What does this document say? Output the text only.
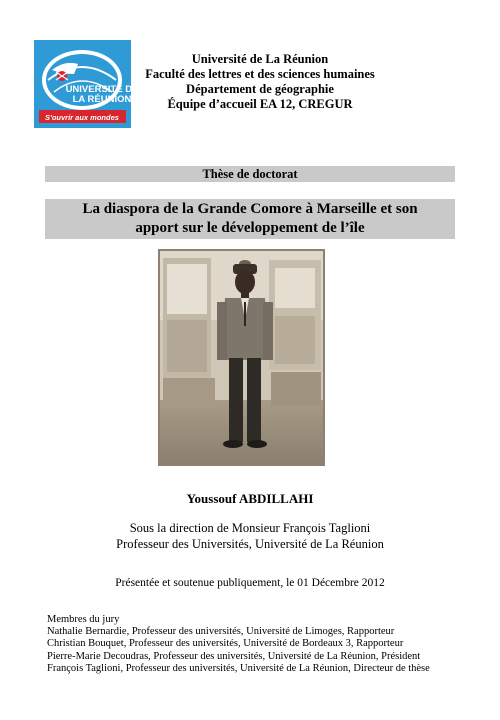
UNIVERSITÉ DE
LA RÉUNION
S'ouvrir aux mondes
Université de La Réunion
Faculté des lettres et des sciences humaines
Département de géographie
Équipe d’accueil EA 12, CREGUR
Thèse de doctorat
La diaspora de la Grande Comore à Marseille et son
apport sur le développement de l’île
Youssouf ABDILLAHI
Sous la direction de Monsieur François Taglioni
Professeur des Universités, Université de La Réunion
Présentée et soutenue publiquement, le 01 Décembre 2012
Membres du jury
Nathalie Bernardie, Professeur des universités, Université de Limoges, Rapporteur
Christian Bouquet, Professeur des universités, Université de Bordeaux 3, Rapporteur
Pierre-Marie Decoudras, Professeur des universités, Université de La Réunion, Président
François Taglioni, Professeur des universités, Université de La Réunion, Directeur de thèse
